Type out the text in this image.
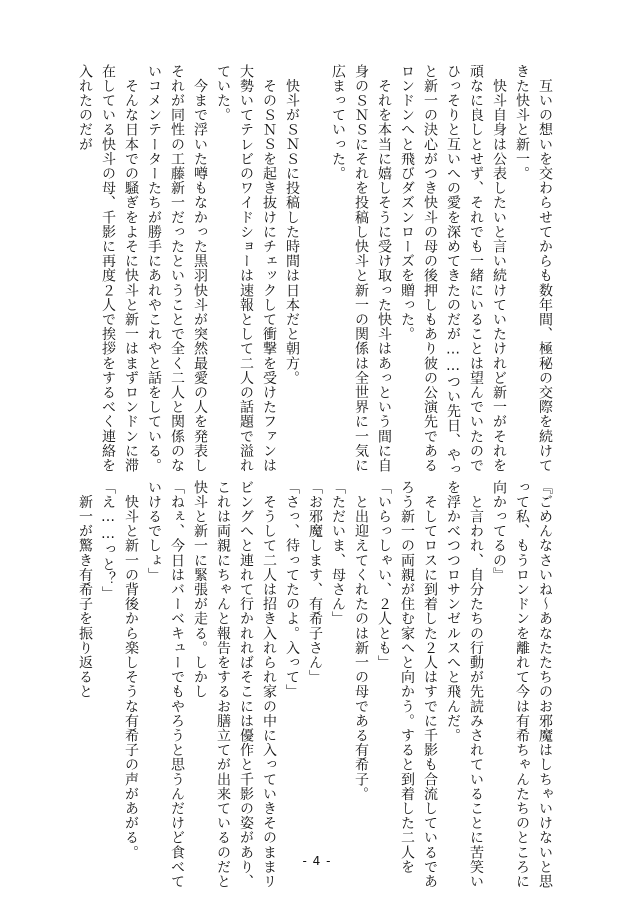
　互いの想いを交わらせてからも数年間、極秘の交際を続けて
きた快斗と新一。
　快斗自身は公表したいと言い続けていたけれど新一がそれを
頑なに良しとせず、それでも一緒にいることは望んでいたので
ひっそりと互いへの愛を深めてきたのだが……つい先日、やっ
と新一の決心がつき快斗の母の後押しもあり彼の公演先である
ロンドンへと飛びダズンローズを贈った。
　それを本当に嬉しそうに受け取った快斗はあっという間に自
身のＳＮＳにそれを投稿し快斗と新一の関係は全世界に一気に
広まっていった。
　快斗がＳＮＳに投稿した時間は日本だと朝方。
　そのＳＮＳを起き抜けにチェックして衝撃を受けたファンは
大勢いてテレビのワイドショーは速報として二人の話題で溢れ
ていた。
　今まで浮いた噂もなかった黒羽快斗が突然最愛の人を発表し
それが同性の工藤新一だったということで全く二人と関係のな
いコメンテーターたちが勝手にあれやこれやと話をしている。
　そんな日本での騒ぎをよそに快斗と新一はまずロンドンに滞
在している快斗の母、千影に再度２人で挨拶をするべく連絡を
入れたのだが
『ごめんなさいね～あなたたちのお邪魔はしちゃいけないと思
って私、もうロンドンを離れて今は有希ちゃんたちのところに
向かってるの』
　と言われ、自分たちの行動が先読みされていることに苦笑い
を浮かべつつロサンゼルスへと飛んだ。
　そしてロスに到着した２人はすでに千影も合流しているであ
ろう新一の両親が住む家へと向かう。すると到着した二人を
「いらっしゃい、２人とも」
　と出迎えてくれたのは新一の母である有希子。
「ただいま、母さん」
「お邪魔します、有希子さん」
「さっ、待ってたのよ。入って」
　そうして二人は招き入れられ家の中に入っていきそのままリ
ビングへと連れて行かれればそこには優作と千影の姿があり、
これは両親にちゃんと報告をするお膳立てが出来ているのだと
快斗と新一に緊張が走る。しかし
「ねぇ、今日はバーベキューでもやろうと思うんだけど食べて
いけるでしょ」
　快斗と新一の背後から楽しそうな有希子の声があがる。
「え……っと？」
　新一が驚き有希子を振り返ると
- 4 -
